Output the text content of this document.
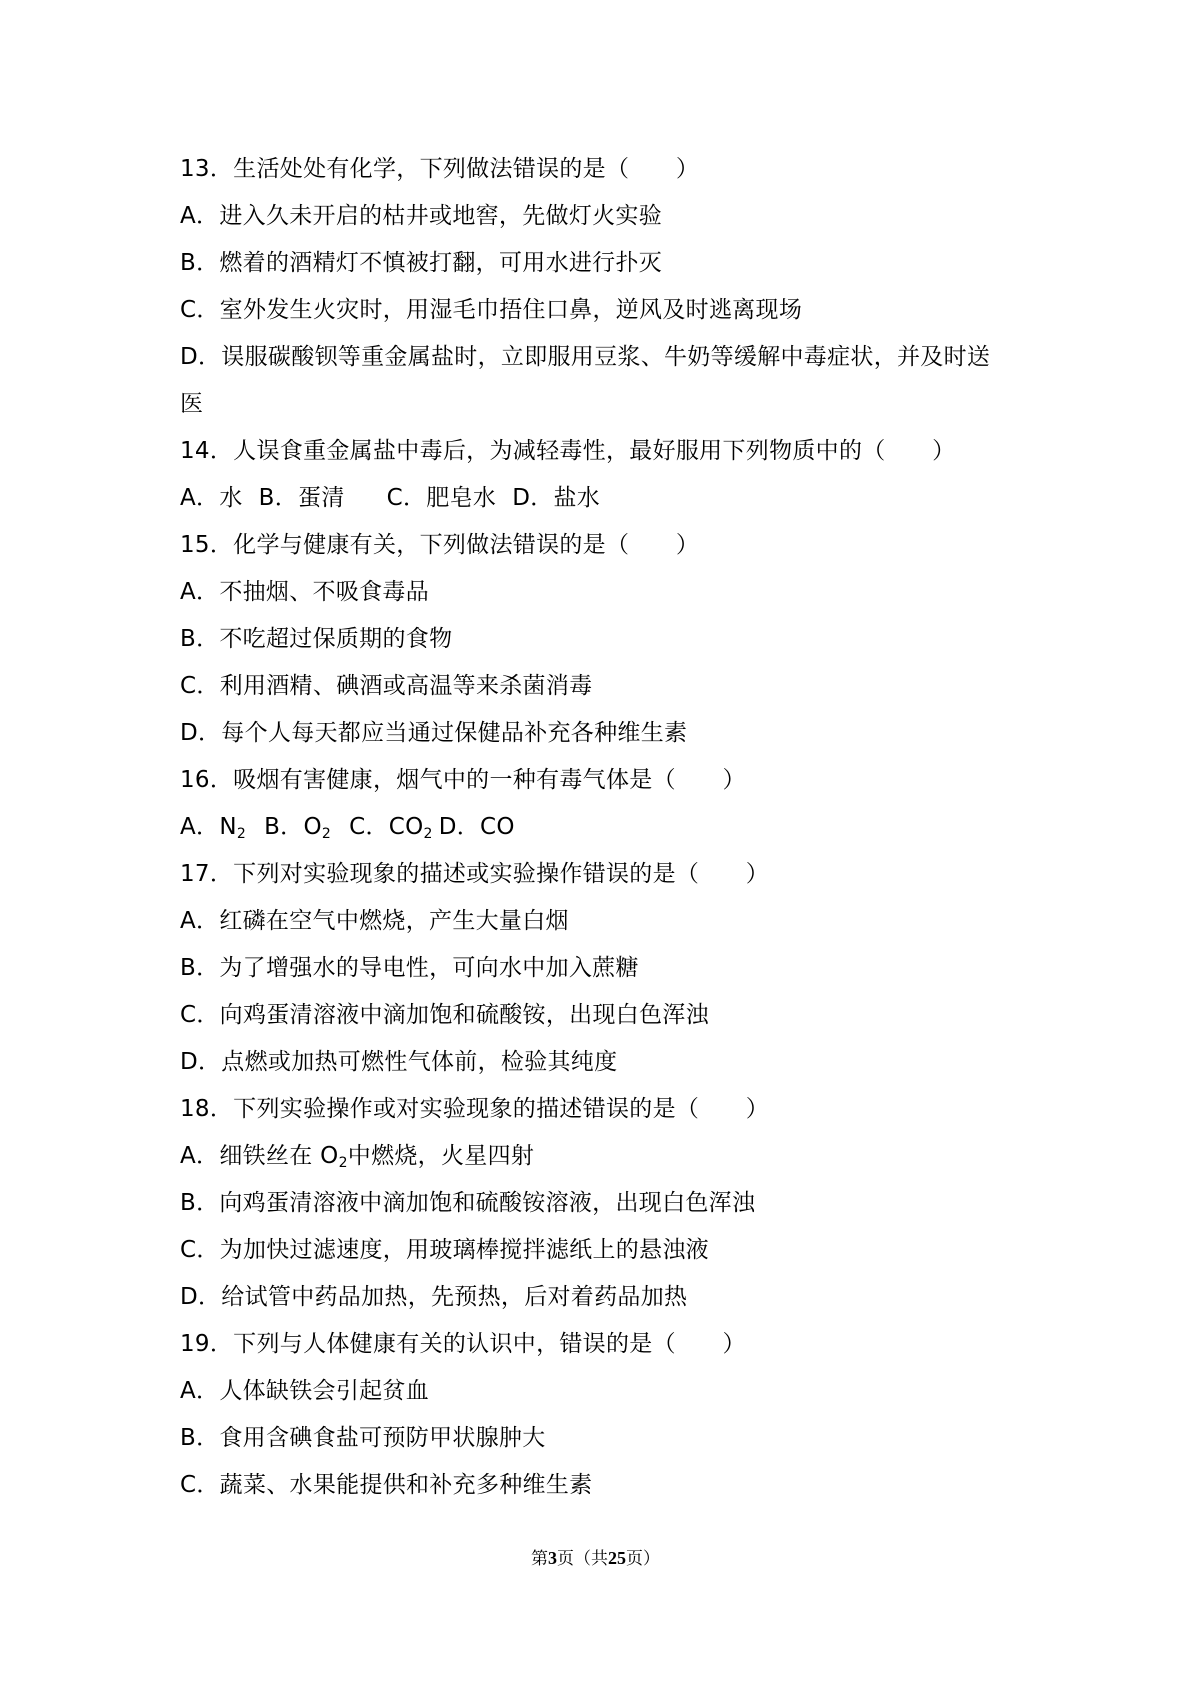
13．生活处处有化学，下列做法错误的是（　　）
A．进入久未开启的枯井或地窖，先做灯火实验
B．燃着的酒精灯不慎被打翻，可用水进行扑灭
C．室外发生火灾时，用湿毛巾捂住口鼻，逆风及时逃离现场
D．误服碳酸钡等重金属盐时，立即服用豆浆、牛奶等缓解中毒症状，并及时送
医
14．人误食重金属盐中毒后，为减轻毒性，最好服用下列物质中的（　　）
A．水 B．蛋清 C．肥皂水 D．盐水
15．化学与健康有关，下列做法错误的是（　　）
A．不抽烟、不吸食毒品
B．不吃超过保质期的食物
C．利用酒精、碘酒或高温等来杀菌消毒
D．每个人每天都应当通过保健品补充各种维生素
16．吸烟有害健康，烟气中的一种有毒气体是（　　）
A．$N_2$ B．$O_2$ C．$CO_2$ D．CO
17．下列对实验现象的描述或实验操作错误的是（　　）
A．红磷在空气中燃烧，产生大量白烟
B．为了增强水的导电性，可向水中加入蔗糖
C．向鸡蛋清溶液中滴加饱和硫酸铵，出现白色浑浊
D．点燃或加热可燃性气体前，检验其纯度
18．下列实验操作或对实验现象的描述错误的是（　　）
A．细铁丝在 $O_2$中燃烧，火星四射
B．向鸡蛋清溶液中滴加饱和硫酸铵溶液，出现白色浑浊
C．为加快过滤速度，用玻璃棒搅拌滤纸上的悬浊液
D．给试管中药品加热，先预热，后对着药品加热
19．下列与人体健康有关的认识中，错误的是（　　）
A．人体缺铁会引起贫血
B．食用含碘食盐可预防甲状腺肿大
C．蔬菜、水果能提供和补充多种维生素
第3页（共25页）
